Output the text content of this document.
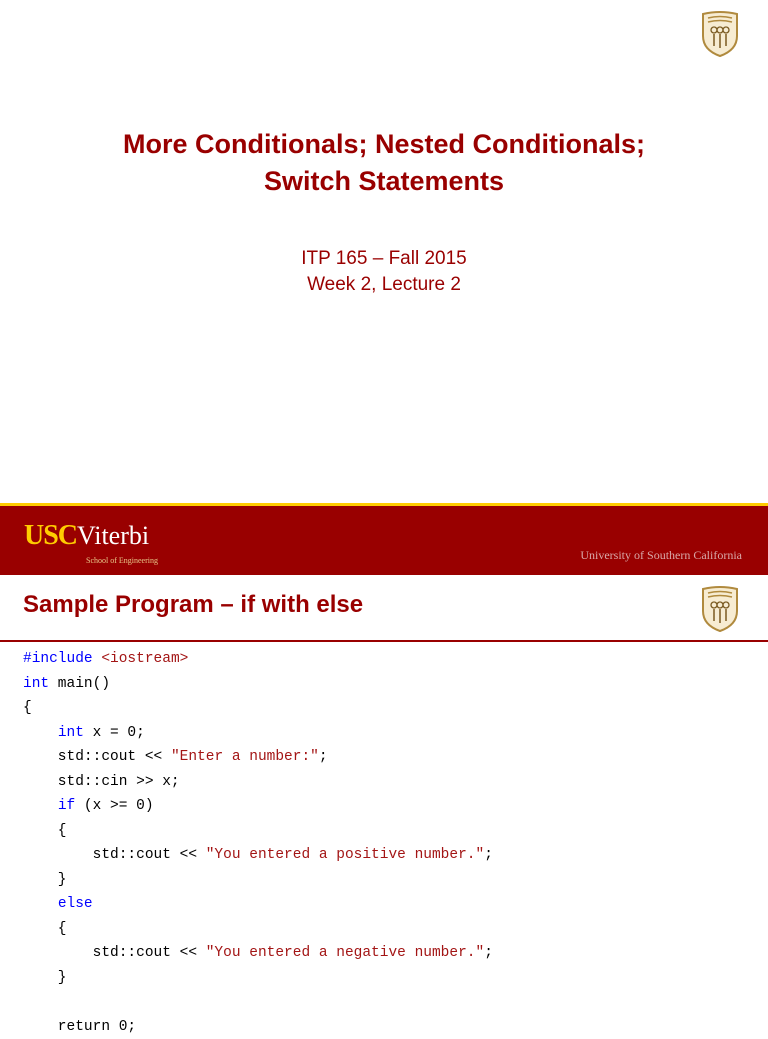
More Conditionals; Nested Conditionals;
Switch Statements
ITP 165 – Fall 2015
Week 2, Lecture 2
USCViterbi
School of Engineering	University of Southern California
Sample Program – if with else
#include <iostream>
int main()
{
int x = 0;
std::cout << "Enter a number:";
std::cin >> x;
if (x >= 0)
{
std::cout << "You entered a positive number.";
}
else
{
std::cout << "You entered a negative number.";
}
return 0;
